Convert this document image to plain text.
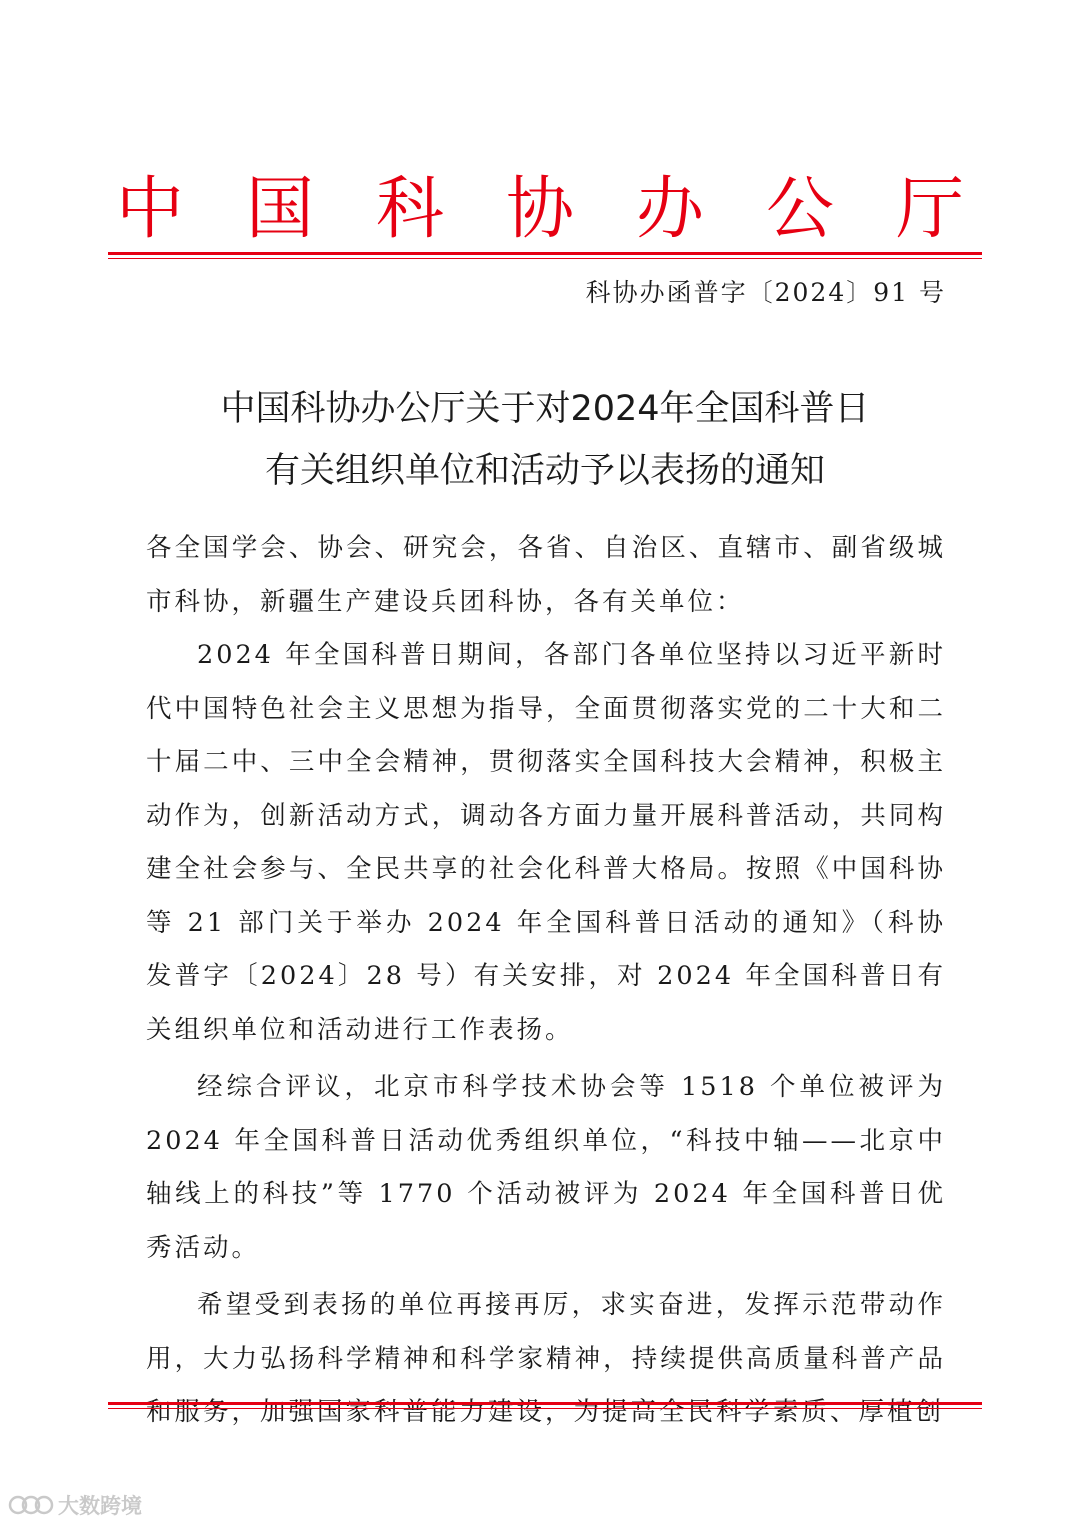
中 国 科 协 办 公 厅
科协办函普字〔2024〕91 号
中国科协办公厅关于对2024年全国科普日
有关组织单位和活动予以表扬的通知

各全国学会、协会、研究会，各省、自治区、直辖市、副省级城市科协，新疆生产建设兵团科协，各有关单位：

2024 年全国科普日期间，各部门各单位坚持以习近平新时代中国特色社会主义思想为指导，全面贯彻落实党的二十大和二十届二中、三中全会精神，贯彻落实全国科技大会精神，积极主动作为，创新活动方式，调动各方面力量开展科普活动，共同构建全社会参与、全民共享的社会化科普大格局。按照《中国科协等 21 部门关于举办 2024 年全国科普日活动的通知》（科协发普字〔2024〕28 号）有关安排，对 2024 年全国科普日有关组织单位和活动进行工作表扬。

经综合评议，北京市科学技术协会等 1518 个单位被评为 2024 年全国科普日活动优秀组织单位，“科技中轴——北京中轴线上的科技”等 1770 个活动被评为 2024 年全国科普日优秀活动。

希望受到表扬的单位再接再厉，求实奋进，发挥示范带动作用，大力弘扬科学精神和科学家精神，持续提供高质量科普产品和服务，加强国家科普能力建设，为提高全民科学素质、厚植创

大数跨境
